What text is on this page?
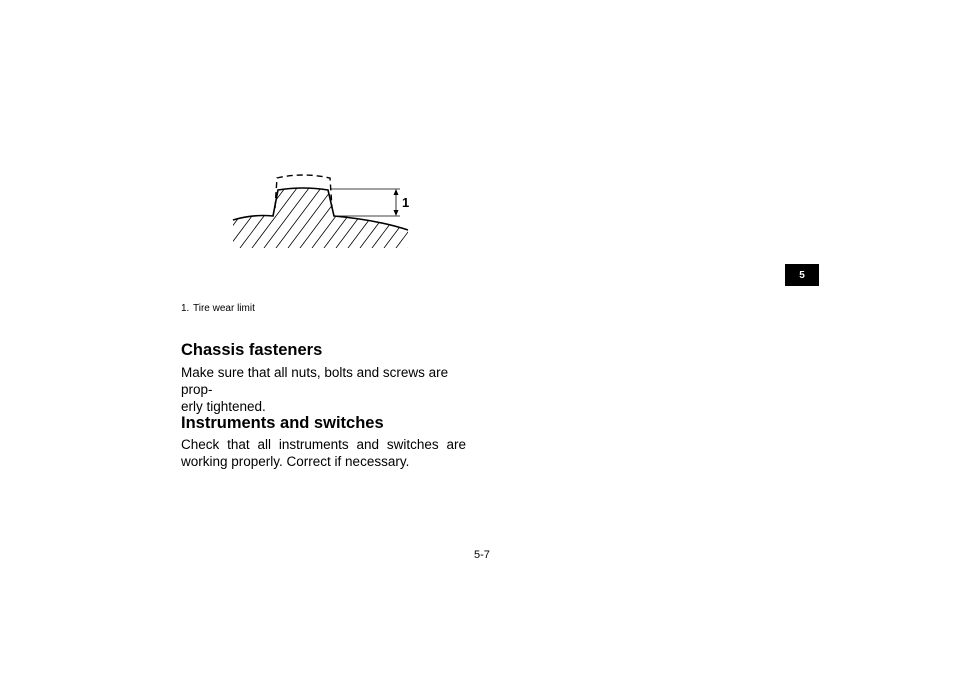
1
1. Tire wear limit
Chassis fasteners

Make sure that all nuts, bolts and screws are prop-
erly tightened.

Instruments and switches

Check that all instruments and switches are
working properly. Correct if necessary.

5-7
5
